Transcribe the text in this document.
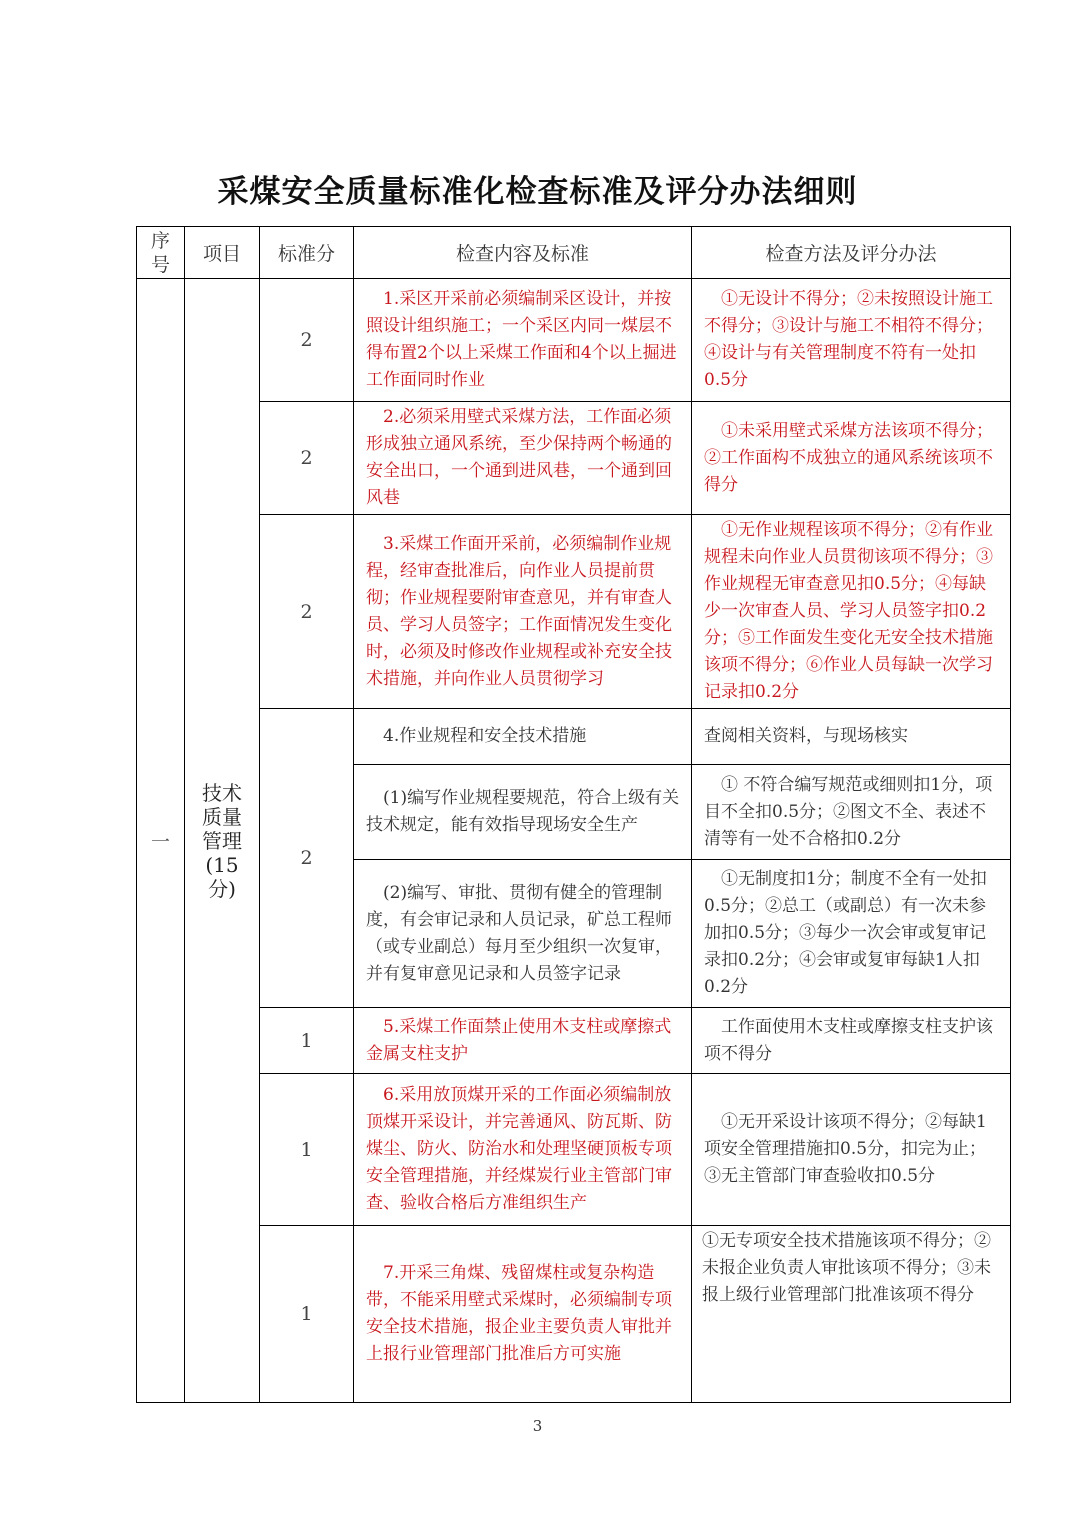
采煤安全质量标准化检查标准及评分办法细则
序号	项目	标准分	检查内容及标准	检查方法及评分办法
一	技术质量管理(15分)	2	1.采区开采前必须编制采区设计，并按照设计组织施工；一个采区内同一煤层不得布置2个以上采煤工作面和4个以上掘进工作面同时作业	①无设计不得分；②未按照设计施工不得分；③设计与施工不相符不得分；④设计与有关管理制度不符有一处扣0.5分

		2	2.必须采用壁式采煤方法，工作面必须形成独立通风系统，至少保持两个畅通的安全出口，一个通到进风巷，一个通到回风巷	①未采用壁式采煤方法该项不得分；②工作面构不成独立的通风系统该项不得分

		2	3.采煤工作面开采前，必须编制作业规程，经审查批准后，向作业人员提前贯彻；作业规程要附审查意见，并有审查人员、学习人员签字；工作面情况发生变化时，必须及时修改作业规程或补充安全技术措施，并向作业人员贯彻学习	①无作业规程该项不得分；②有作业规程未向作业人员贯彻该项不得分；③作业规程无审查意见扣0.5分；④每缺少一次审查人员、学习人员签字扣0.2分；⑤工作面发生变化无安全技术措施该项不得分；⑥作业人员每缺一次学习记录扣0.2分

		2	4.作业规程和安全技术措施	查阅相关资料，与现场核实

			(1)编写作业规程要规范，符合上级有关技术规定，能有效指导现场安全生产	① 不符合编写规范或细则扣1分，项目不全扣0.5分；②图文不全、表述不清等有一处不合格扣0.2分

			(2)编写、审批、贯彻有健全的管理制度，有会审记录和人员记录，矿总工程师（或专业副总）每月至少组织一次复审，并有复审意见记录和人员签字记录	①无制度扣1分；制度不全有一处扣0.5分；②总工（或副总）有一次未参加扣0.5分；③每少一次会审或复审记录扣0.2分；④会审或复审每缺1人扣0.2分

		1	5.采煤工作面禁止使用木支柱或摩擦式金属支柱支护	工作面使用木支柱或摩擦支柱支护该项不得分

		1	6.采用放顶煤开采的工作面必须编制放顶煤开采设计，并完善通风、防瓦斯、防煤尘、防火、防治水和处理坚硬顶板专项安全管理措施，并经煤炭行业主管部门审查、验收合格后方准组织生产	①无开采设计该项不得分；②每缺1项安全管理措施扣0.5分，扣完为止；③无主管部门审查验收扣0.5分

		1	7.开采三角煤、残留煤柱或复杂构造带，不能采用壁式采煤时，必须编制专项安全技术措施，报企业主要负责人审批并上报行业管理部门批准后方可实施	①无专项安全技术措施该项不得分；②未报企业负责人审批该项不得分；③未报上级行业管理部门批准该项不得分
3
